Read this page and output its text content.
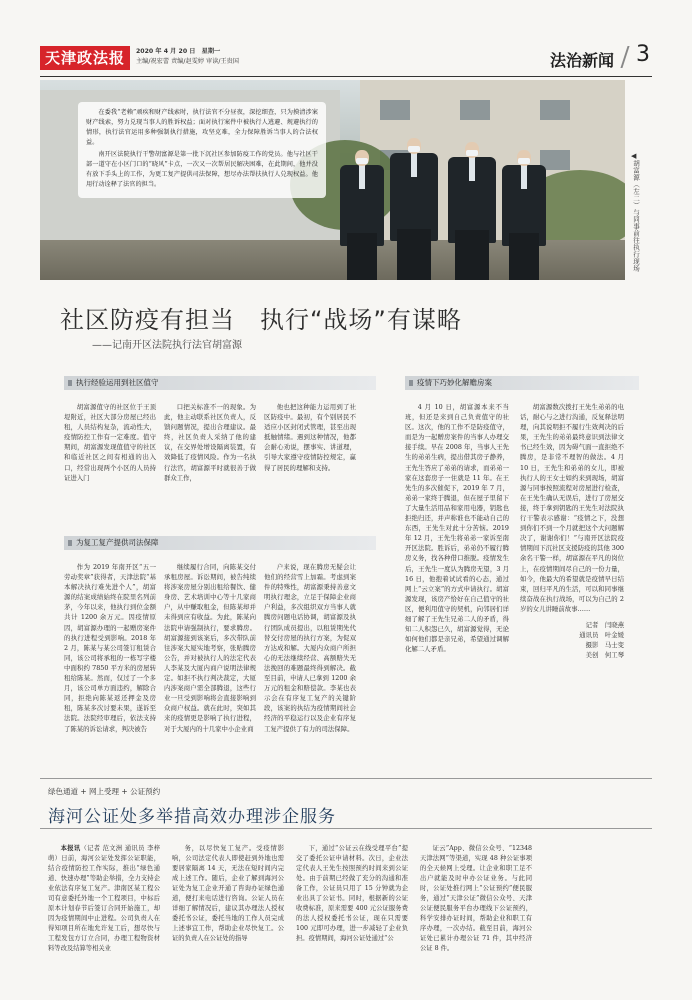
天津政法报	2020 年 4 月 20 日　星期一
主编/祝宏蕾 责编/赵雯婷 审读/王贵国	法治新闻 3

在委我“老赖”顽疾和财产线索时，执行法官不分昼夜，深挖细查，只为摸清涉案财产线索，努力兑现当事人的胜诉权益；面对执行案件中被执行人逃避、规避执行的情形，执行法官运用多种强制执行措施，攻坚克难，全力保障胜诉当事人的合法权益。

南开区法院执行干警胡富源是第一批下沉社区参加防疫工作的党员。他与社区干部一道守在小区门口的“晓风”卡点，一次又一次帮居民解决困难，在此期间，他并没有放下手头上的工作，为更工复产提供司法保障，想尽办法帮扶执行人兑现权益。他用行动诠释了法官的担当。

◀
胡富源（左二）与同事前往执行现场
社区防疫有担当　执行“战场”有谋略
——记南开区法院执行法官胡富源
执行经验运用到社区值守
为复工复产提供司法保障
疫情下巧妙化解赡房案

胡富源值守的社区位于王顶堤附近，社区大部分房屋已经出租，人员结构复杂，流动性大，疫情防控工作有一定难度。值守期间，胡富源发现值值守的社区和临近社区之间有相通的出入口，经常出现两个小区的人员持证进入门

口把关标准不一的现象。为此，他主动联系社区负责人，反馈问题情况，提出合理建议。最终，社区负责人采纳了他的建议，在交界处增设隔离装置，有效降低了疫情风险。作为一名执行法官，胡富源平时就很善于做群众工作，

他也把这种能力运用到了社区防疫中。最初，有个别居民不适应小区封闭式管理，甚至出现抵触情绪。遇到这种情况，他都会耐心劝说，摆事实、讲道理，引导大家遵守疫情防控规定，赢得了居民的理解和支持。

作为 2019 年南开区“五一劳动奖章”获得者，天津法院“基本解决执行难先进个人”，胡富源的结案成绩始终在院里名列前茅，今年以来，他执行到位金额共计 1200 余万元。因疫情原因，胡富源办理的一起赠房案件的执行进程受到影响。2018 年 2 月，陈某与某公司签订租赁合同，该公司将承租的一栋写字楼中面积约 7850 平方米的房屋转租给陈某。然而，仅过了一个多月，该公司单方面违约，解除合同，拒绝向陈某返还押金及房租，陈某多次讨要未果，遂诉至法院。法院经审理后，依法支持了陈某的诉讼请求，判决被告

继续履行合同，向陈某交付承租房屋。诉讼期间，被告纯续将涉案房屋分别出租给餐饮、健身房、艺术培训中心等十几家商户，从中赚取租金，但陈某却并未得到应有收益。为此，陈某向法院申请强制执行，要求腾房。胡富源接到该案后，多次带队前往涉案大厦实地考察，张贴腾房公告，并对被执行人的法定代表人李某及大厦内商户说明法律规定。如拒不执行判决裁定，大厦内涉案商户需全部腾退，这些行业一旦受到影响将会直接影响到众商户权益。就在此时，突如其来的疫情更是影响了执行进程，对于大厦内的十几家中小企业商

户来说，现在腾房无疑会让他们的经营雪上加霜。考虑到案件的特殊性，胡富源秉持善意文明执行理念，立足于保障企业商户利益，多次组织双方当事人就腾房问题电话协调，胡富源及执行团队成员提出，以租赁期先代替交付房屋的执行方案，为促双方达成和解。大厦内众商户所担心的无法继续经营、高额赔失无法挽回的难题最终得到解决。截至目前，申请人已拿到 1200 余万元的租金和赔偿款。李某也表示会在有序复工复产的关键阶段，该案的执结为疫情期间社会经济的平稳运行以及企业有序复工复产提供了有力的司法保障。

4 月 10 日，胡富源本来不当班，但还是来到自己负责值守的社区。这次，他的工作不是防疫值守，而是为一起赠房案件的当事人办理交接手续。早在 2008 年，当事人王先生的弟弟生病，提出借其房子静养，王先生答应了弟弟的请求，而弟弟一家在这套房子一住就是 11 年。在王先生的多次催促下，2019 年 7 月，弟弟一家终于腾退，但在屋子里留下了大量生活用品和家用电器，钥匙也拒绝归还，并声称谁也不能动自己的东西，王先生对此十分苦恼。2019 年 12 月，王先生将弟弟一家诉至南开区法院。胜诉后，弟弟仍不履行腾房义务，找各种借口推脱。疫情发生后，王先生一度认为腾房无望，3 月 16 日，他抱着试试看的心态，通过网上“云立案”的方式申请执行。胡富源发现，该房产恰好在自己值守的社区，便利用值守的契机，向邻居们详细了解了王先生兄弟二人的矛盾，得知二人积怨已久，胡富源觉得，无论如何他们都是亲兄弟，希望通过调解化解二人矛盾。

胡富源数次拨打王先生弟弟的电话，耐心与之进行沟通，反复释法明理，向其说明拒不履行生效判决的后果，王先生的弟弟最终意识到法律文书已经生效，因为碍气面一直拒绝不腾房，是非常不理智的做法。4 月 10 日，王先生和弟弟的女儿，即被执行人的王女士如约来到现场，胡富源与同事按照流程对房屋进行检查，在王先生确认无误后，进行了房屋交接，终于拿到钥匙的王先生对法院执行干警表示感谢：“疫情之下，没想到你们不到一个月就把这个大问题解决了，谢谢你们！”与南开区法院疫情期间下沉社区支援防疫的其他 300 余名干警一样，胡富源在平凡的岗位上，在疫情期间尽自己的一份力量，如今，他最大的希望就是疫情早日结束，回归平凡的生活，可以和同事继续奋战在执行战场，可以为自己的 2 岁的女儿讲睡前故事……

记者　闫晓燕
通讯员　叶金媛
摄影　马士变
美创　何工琴
绿色通道 + 网上受理 + 公证预约
海河公证处多举措高效办理涉企服务

本报讯（记者 范文洲 通讯员 李梓萌）日前，海河公证处发挥公证职能，结合疫情防控工作实际，推出“绿色通道、快速办理”等助企举措，全力支持企业依法有序复工复产。津南区某工程公司有意委托外地一个工程项目，中标后原本计划春节后签订合同开始施工，却因为疫情期间中止进程。公司负责人在得知项目所在地允许复工后，想尽快与工程发包方订立合同，办理工程物资材料等改及结算等相关业

务，以尽快复工复产。受疫情影响，公司法定代表人即使赶到外地也需要居家隔离 14 天，无法在短时间内完成上述工作。随后，企业了解到海河公证处为复工企业开通了咨询办证绿色通道，便打来电话进行咨询。公证人员在详细了解情况后，建议其办理法人授权委托书公证，委托当地的工作人员完成上述事宜工作，帮助企业尽快复工。公证的负责人在公证处的指导

下，通过“公证云在线受理平台”提交了委托公证申请材料。次日，企业法定代表人王先生按照预约时间来到公证处。由于前期已经做了充分的沟通和准备工作，公证员只用了 15 分钟就为企业出具了公证书。同时，根据新的公证收费标准，原来需要 400 元公证服务费的法人授权委托书公证，现在只需要 100 元即可办理，进一步减轻了企业负担。疫情期间，海河公证处通过“公

证云”App、微信公众号、“12348 天津法网”等渠道，实现 48 种公证事项的全天候网上受理。让企业和职工足不出户就能及时申办公证业务。与此同时，公证处推行网上“公证预约”便民服务，通过“天津公证”微信公众号、天津公证便民服务平台办理线下公证预约，科学安排办证时间，帮助企业和职工有序办理，一次办结。截至目前，海河公证处已累计办理公证 71 件，其中经济公证 8 件。
